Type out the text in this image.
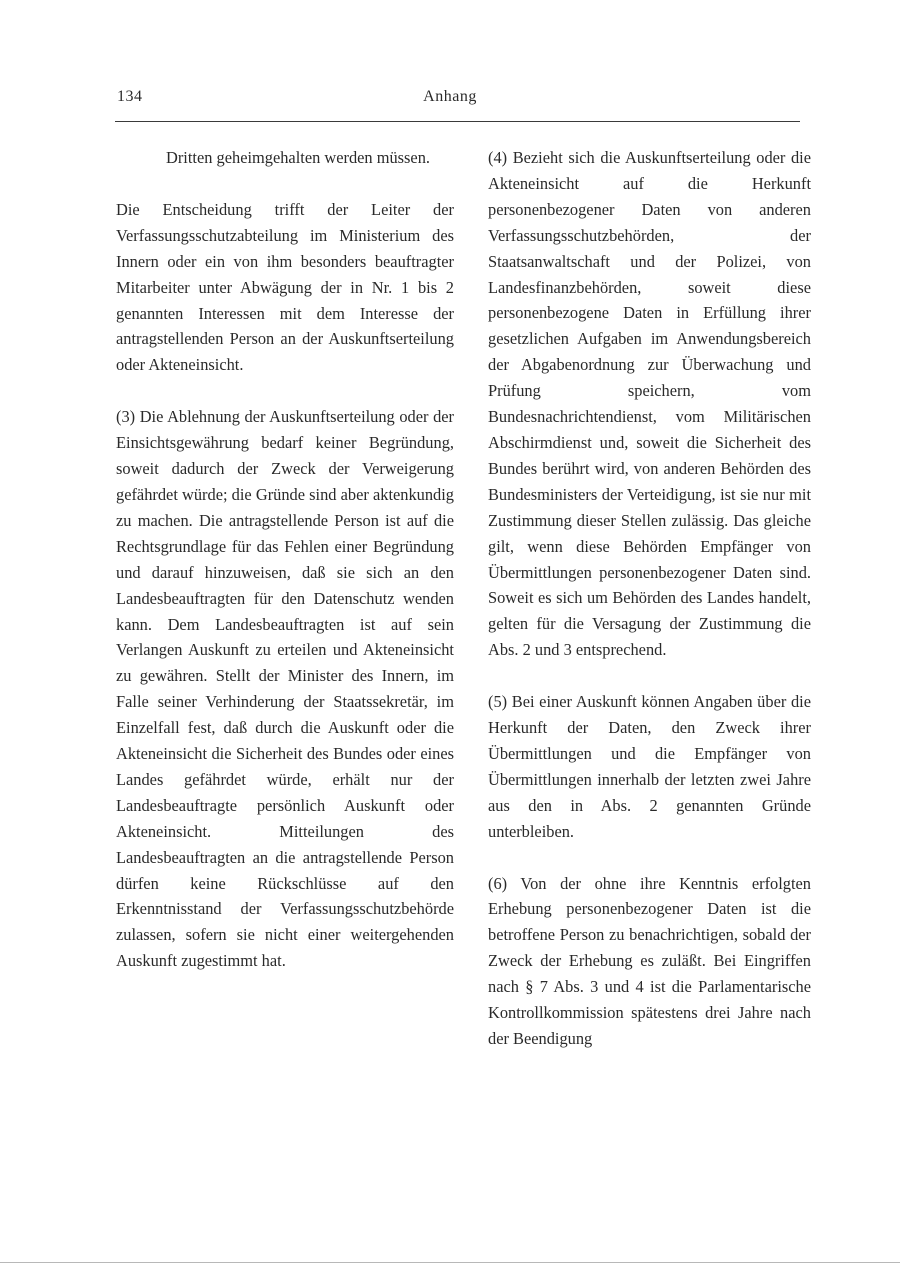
134	Anhang

Dritten geheimgehalten werden müssen.

Die Entscheidung trifft der Leiter der Verfassungsschutzabteilung im Ministerium des Innern oder ein von ihm besonders beauftragter Mitarbeiter unter Abwägung der in Nr. 1 bis 2 genannten Interessen mit dem Interesse der antragstellenden Person an der Auskunftserteilung oder Akteneinsicht.

(3) Die Ablehnung der Auskunftserteilung oder der Einsichtsgewährung bedarf keiner Begründung, soweit dadurch der Zweck der Verweigerung gefährdet würde; die Gründe sind aber aktenkundig zu machen. Die antragstellende Person ist auf die Rechtsgrundlage für das Fehlen einer Begründung und darauf hinzuweisen, daß sie sich an den Landesbeauftragten für den Datenschutz wenden kann. Dem Landesbeauftragten ist auf sein Verlangen Auskunft zu erteilen und Akteneinsicht zu gewähren. Stellt der Minister des Innern, im Falle seiner Verhinderung der Staatssekretär, im Einzelfall fest, daß durch die Auskunft oder die Akteneinsicht die Sicherheit des Bundes oder eines Landes gefährdet würde, erhält nur der Landesbeauftragte persönlich Auskunft oder Akteneinsicht. Mitteilungen des Landesbeauftragten an die antragstellende Person dürfen keine Rückschlüsse auf den Erkenntnisstand der Verfassungsschutzbehörde zulassen, sofern sie nicht einer weitergehenden Auskunft zugestimmt hat.

(4) Bezieht sich die Auskunftserteilung oder die Akteneinsicht auf die Herkunft personenbezogener Daten von anderen Verfassungsschutzbehörden, der Staatsanwaltschaft und der Polizei, von Landesfinanzbehörden, soweit diese personenbezogene Daten in Erfüllung ihrer gesetzlichen Aufgaben im Anwendungsbereich der Abgabenordnung zur Überwachung und Prüfung speichern, vom Bundesnachrichtendienst, vom Militärischen Abschirmdienst und, soweit die Sicherheit des Bundes berührt wird, von anderen Behörden des Bundesministers der Verteidigung, ist sie nur mit Zustimmung dieser Stellen zulässig. Das gleiche gilt, wenn diese Behörden Empfänger von Übermittlungen personenbezogener Daten sind. Soweit es sich um Behörden des Landes handelt, gelten für die Versagung der Zustimmung die Abs. 2 und 3 entsprechend.

(5) Bei einer Auskunft können Angaben über die Herkunft der Daten, den Zweck ihrer Übermittlungen und die Empfänger von Übermittlungen innerhalb der letzten zwei Jahre aus den in Abs. 2 genannten Gründe unterbleiben.

(6) Von der ohne ihre Kenntnis erfolgten Erhebung personenbezogener Daten ist die betroffene Person zu benachrichtigen, sobald der Zweck der Erhebung es zuläßt. Bei Eingriffen nach § 7 Abs. 3 und 4 ist die Parlamentarische Kontrollkommission spätestens drei Jahre nach der Beendigung
